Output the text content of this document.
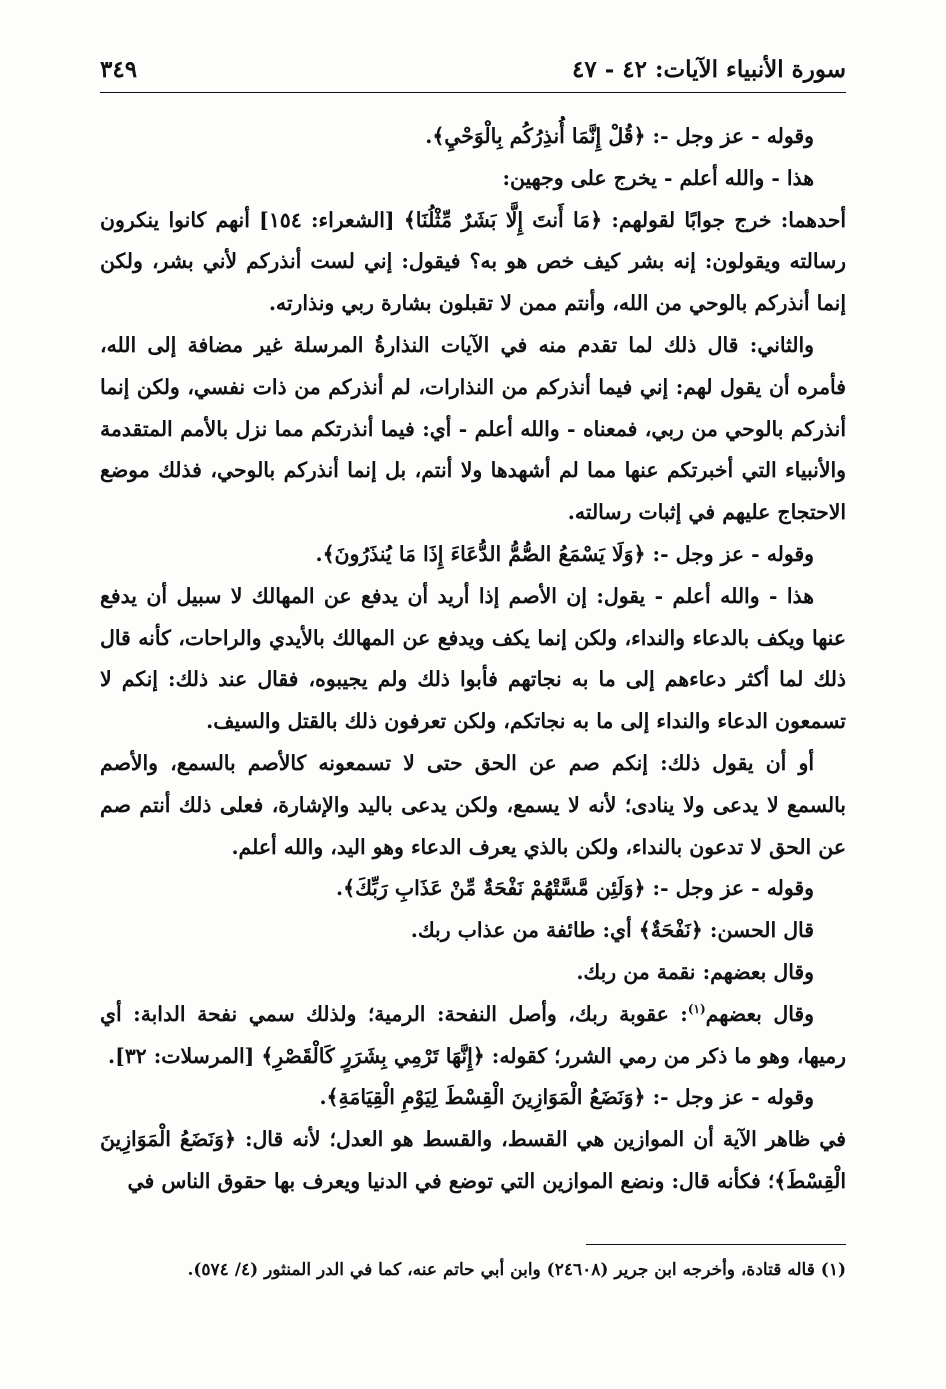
سورة الأنبياء الآيات: ٤٢ - ٤٧
٣٤٩

وقوله - عز وجل -: ﴿قُلْ إِنَّمَا أُنذِرُكُم بِالْوَحْيِ﴾.

هذا - والله أعلم - يخرج على وجهين:

أحدهما: خرج جوابًا لقولهم: ﴿مَا أَنتَ إِلَّا بَشَرٌ مِّثْلُنَا﴾ [الشعراء: ١٥٤] أنهم كانوا ينكرون رسالته ويقولون: إنه بشر كيف خص هو به؟ فيقول: إني لست أنذركم لأني بشر، ولكن إنما أنذركم بالوحي من الله، وأنتم ممن لا تقبلون بشارة ربي ونذارته.

والثاني: قال ذلك لما تقدم منه في الآيات النذارةُ المرسلة غير مضافة إلى الله، فأمره أن يقول لهم: إني فيما أنذركم من النذارات، لم أنذركم من ذات نفسي، ولكن إنما أنذركم بالوحي من ربي، فمعناه - والله أعلم - أي: فيما أنذرتكم مما نزل بالأمم المتقدمة والأنبياء التي أخبرتكم عنها مما لم أشهدها ولا أنتم، بل إنما أنذركم بالوحي، فذلك موضع الاحتجاج عليهم في إثبات رسالته.

وقوله - عز وجل -: ﴿وَلَا يَسْمَعُ الصُّمُّ الدُّعَاءَ إِذَا مَا يُنذَرُونَ﴾.

هذا - والله أعلم - يقول: إن الأصم إذا أريد أن يدفع عن المهالك لا سبيل أن يدفع عنها ويكف بالدعاء والنداء، ولكن إنما يكف ويدفع عن المهالك بالأيدي والراحات، كأنه قال ذلك لما أكثر دعاءهم إلى ما به نجاتهم فأبوا ذلك ولم يجيبوه، فقال عند ذلك: إنكم لا تسمعون الدعاء والنداء إلى ما به نجاتكم، ولكن تعرفون ذلك بالقتل والسيف.

أو أن يقول ذلك: إنكم صم عن الحق حتى لا تسمعونه كالأصم بالسمع، والأصم بالسمع لا يدعى ولا ينادى؛ لأنه لا يسمع، ولكن يدعى باليد والإشارة، فعلى ذلك أنتم صم عن الحق لا تدعون بالنداء، ولكن بالذي يعرف الدعاء وهو اليد، والله أعلم.

وقوله - عز وجل -: ﴿وَلَئِن مَّسَّتْهُمْ نَفْحَةٌ مِّنْ عَذَابِ رَبِّكَ﴾.

قال الحسن: ﴿نَفْحَةٌ﴾ أي: طائفة من عذاب ربك.

وقال بعضهم: نقمة من ربك.

وقال بعضهم$^{(١)}$: عقوبة ربك، وأصل النفحة: الرمية؛ ولذلك سمي نفحة الدابة: أي رميها، وهو ما ذكر من رمي الشرر؛ كقوله: ﴿إِنَّهَا تَرْمِي بِشَرَرٍ كَالْقَصْرِ﴾ [المرسلات: ٣٢].

وقوله - عز وجل -: ﴿وَنَضَعُ الْمَوَازِينَ الْقِسْطَ لِيَوْمِ الْقِيَامَةِ﴾.

في ظاهر الآية أن الموازين هي القسط، والقسط هو العدل؛ لأنه قال: ﴿وَنَضَعُ الْمَوَازِينَ الْقِسْطَ﴾؛ فكأنه قال: ونضع الموازين التي توضع في الدنيا ويعرف بها حقوق الناس في

(١) قاله قتادة، وأخرجه ابن جرير (٢٤٦٠٨) وابن أبي حاتم عنه، كما في الدر المنثور (٤/ ٥٧٤).
